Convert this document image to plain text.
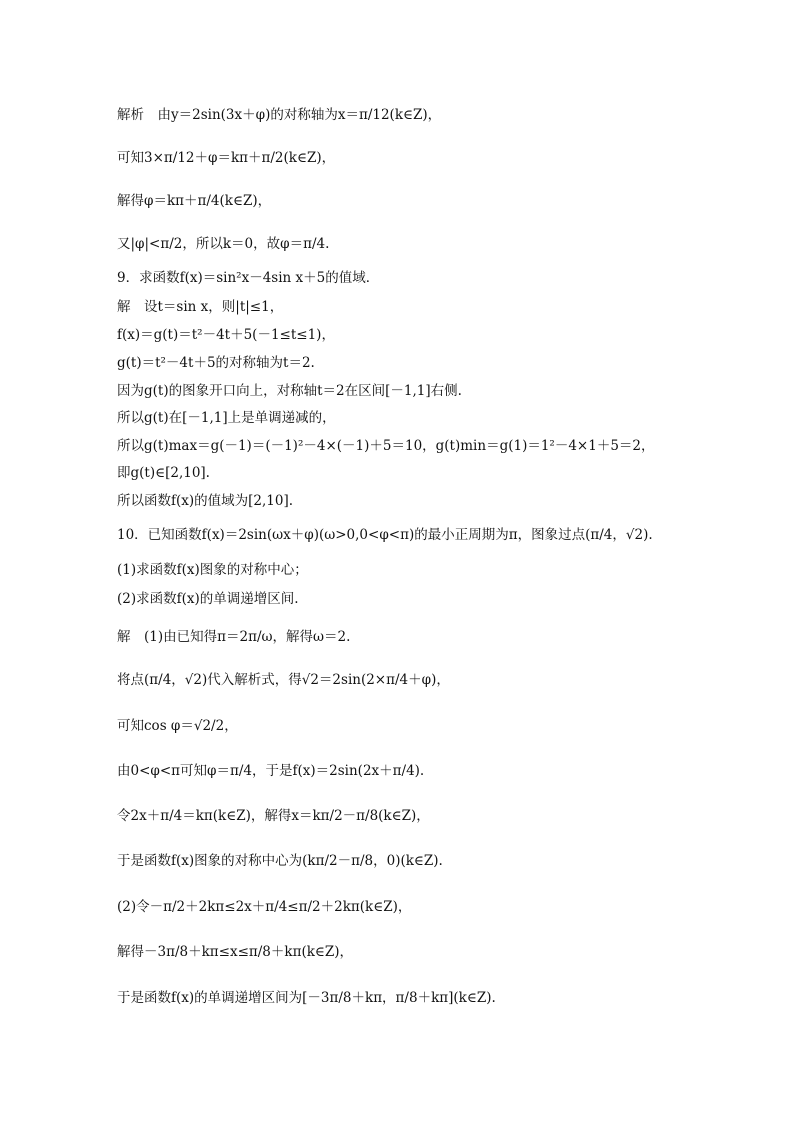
解析　由y＝2sin(3x＋φ)的对称轴为x＝π/12(k∈Z)，
可知3×π/12＋φ＝kπ＋π/2(k∈Z)，
解得φ＝kπ＋π/4(k∈Z)，
又|φ|<π/2，所以k＝0，故φ＝π/4.
9．求函数f(x)＝sin²x－4sin x＋5的值域．
解　设t＝sin x，则|t|≤1，
f(x)＝g(t)＝t²－4t＋5(－1≤t≤1)，
g(t)＝t²－4t＋5的对称轴为t＝2.
因为g(t)的图象开口向上，对称轴t＝2在区间[－1,1]右侧.
所以g(t)在[－1,1]上是单调递减的，
所以g(t)max＝g(－1)＝(－1)²－4×(－1)＋5＝10，g(t)min＝g(1)＝1²－4×1＋5＝2，
即g(t)∈[2,10].
所以函数f(x)的值域为[2,10].
10．已知函数f(x)＝2sin(ωx＋φ)(ω>0,0<φ<π)的最小正周期为π，图象过点(π/4，√2).
(1)求函数f(x)图象的对称中心；
(2)求函数f(x)的单调递增区间.
解　(1)由已知得π＝2π/ω，解得ω＝2.
将点(π/4，√2)代入解析式，得√2＝2sin(2×π/4＋φ)，
可知cos φ＝√2/2，
由0<φ<π可知φ＝π/4，于是f(x)＝2sin(2x＋π/4).
令2x＋π/4＝kπ(k∈Z)，解得x＝kπ/2－π/8(k∈Z)，
于是函数f(x)图象的对称中心为(kπ/2－π/8，0)(k∈Z).
(2)令－π/2＋2kπ≤2x＋π/4≤π/2＋2kπ(k∈Z)，
解得－3π/8＋kπ≤x≤π/8＋kπ(k∈Z)，
于是函数f(x)的单调递增区间为[－3π/8＋kπ，π/8＋kπ](k∈Z).
